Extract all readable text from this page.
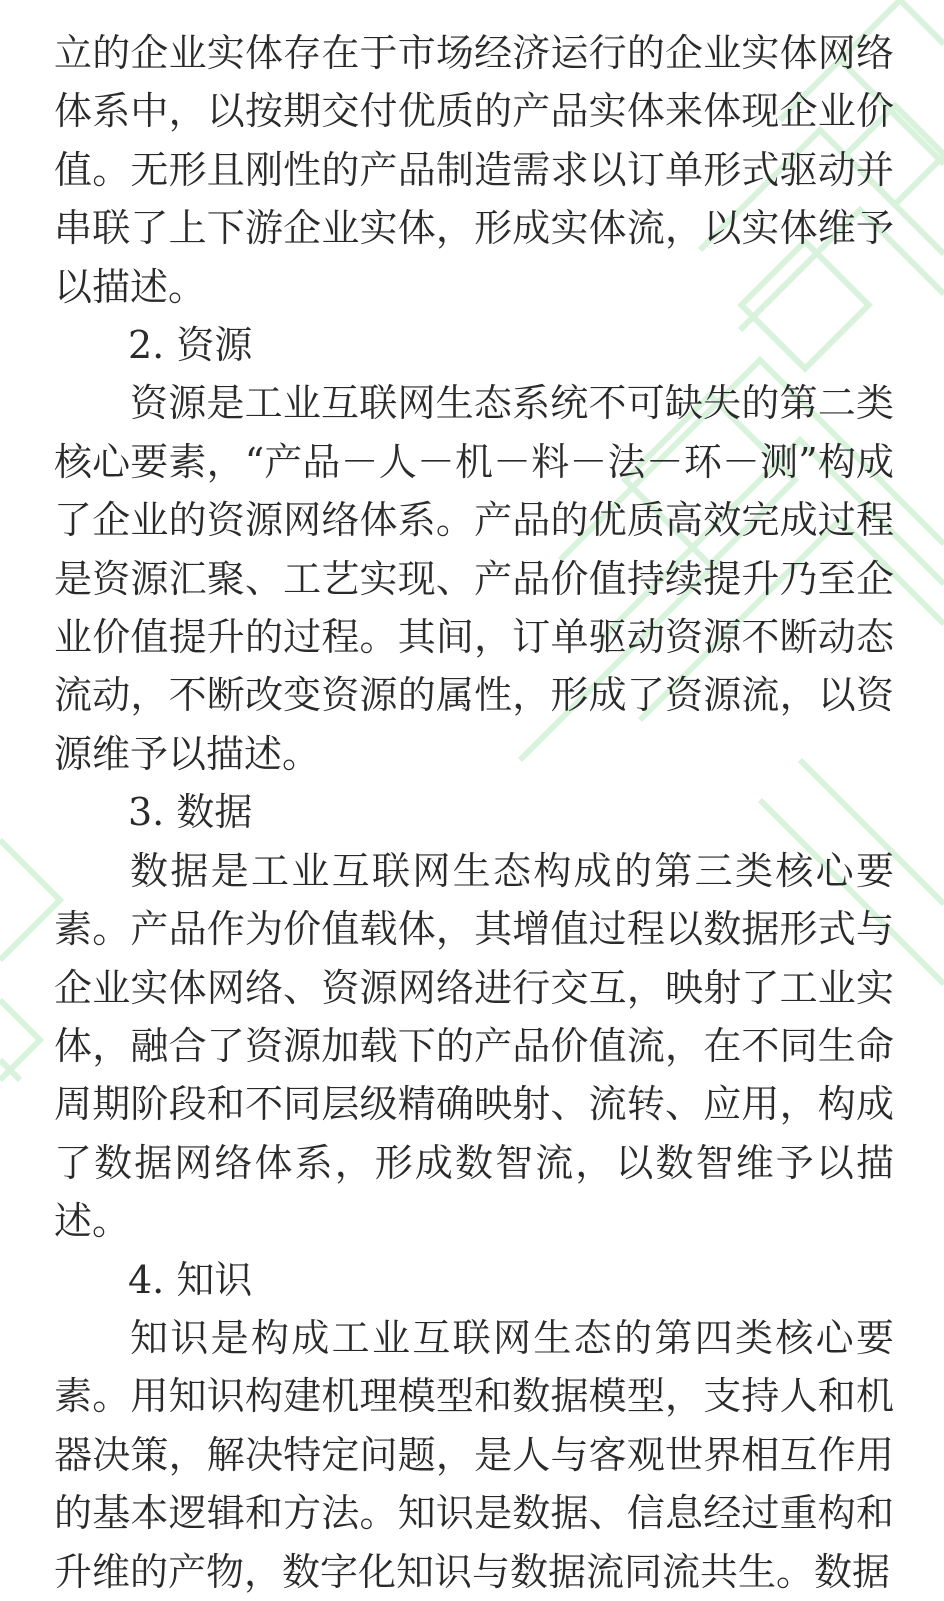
立的企业实体存在于市场经济运行的企业实体网络体系中，以按期交付优质的产品实体来体现企业价值。无形且刚性的产品制造需求以订单形式驱动并串联了上下游企业实体，形成实体流，以实体维予以描述。

2. 资源

资源是工业互联网生态系统不可缺失的第二类核心要素，“产品－人－机－料－法－环－测”构成了企业的资源网络体系。产品的优质高效完成过程是资源汇聚、工艺实现、产品价值持续提升乃至企业价值提升的过程。其间，订单驱动资源不断动态流动，不断改变资源的属性，形成了资源流，以资源维予以描述。

3. 数据

数据是工业互联网生态构成的第三类核心要素。产品作为价值载体，其增值过程以数据形式与企业实体网络、资源网络进行交互，映射了工业实体，融合了资源加载下的产品价值流，在不同生命周期阶段和不同层级精确映射、流转、应用，构成了数据网络体系，形成数智流，以数智维予以描述。

4. 知识

知识是构成工业互联网生态的第四类核心要素。用知识构建机理模型和数据模型，支持人和机器决策，解决特定问题，是人与客观世界相互作用的基本逻辑和方法。知识是数据、信息经过重构和升维的产物，数字化知识与数据流同流共生。数据
